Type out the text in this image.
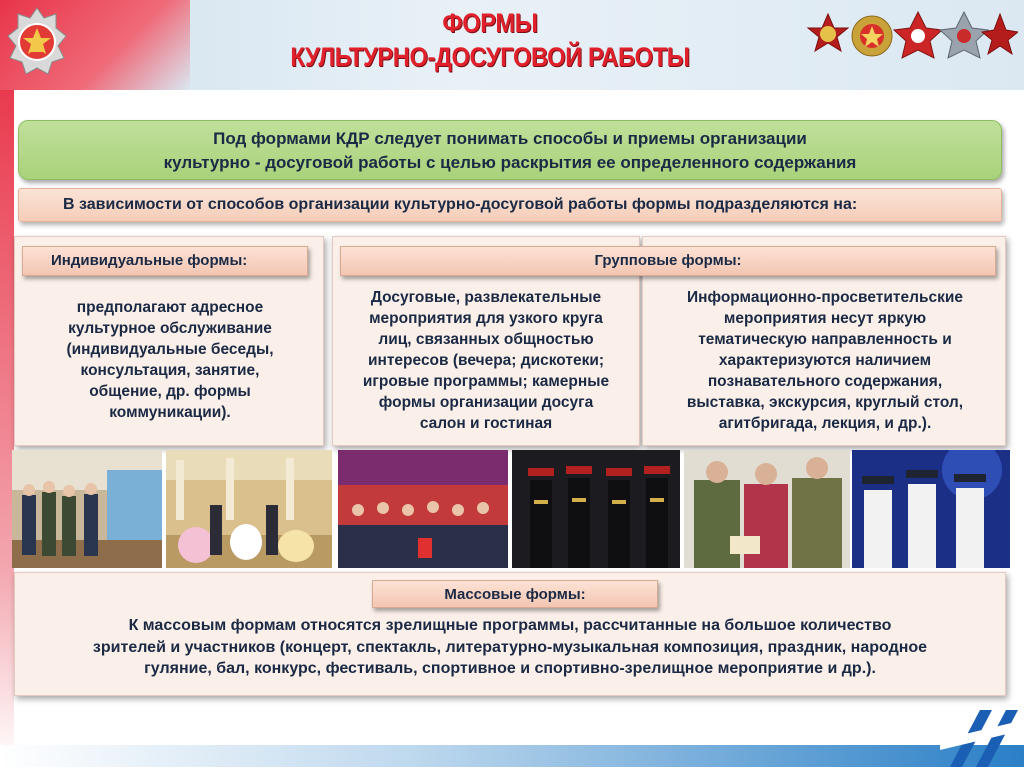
ФОРМЫ
КУЛЬТУРНО-ДОСУГОВОЙ РАБОТЫ
Под формами КДР следует понимать способы и приемы организации
культурно - досуговой работы с целью раскрытия ее определенного содержания
В зависимости от способов организации культурно-досуговой работы формы подразделяются на:
Индивидуальные формы:
предполагают адресное
культурное обслуживание
(индивидуальные беседы,
консультация, занятие,
общение, др. формы
коммуникации).
Групповые формы:
Досуговые, развлекательные
мероприятия для узкого круга
лиц, связанных общностью
интересов (вечера; дискотеки;
игровые программы; камерные
формы организации досуга
салон и гостиная
Информационно-просветительские
мероприятия несут яркую
тематическую направленность и
характеризуются наличием
познавательного содержания,
выставка, экскурсия, круглый стол,
агитбригада, лекция, и др.).
Массовые формы:
К массовым формам относятся зрелищные программы, рассчитанные на большое количество
зрителей и участников (концерт, спектакль, литературно-музыкальная композиция, праздник, народное
гуляние, бал, конкурс, фестиваль, спортивное и спортивно-зрелищное мероприятие и др.).
